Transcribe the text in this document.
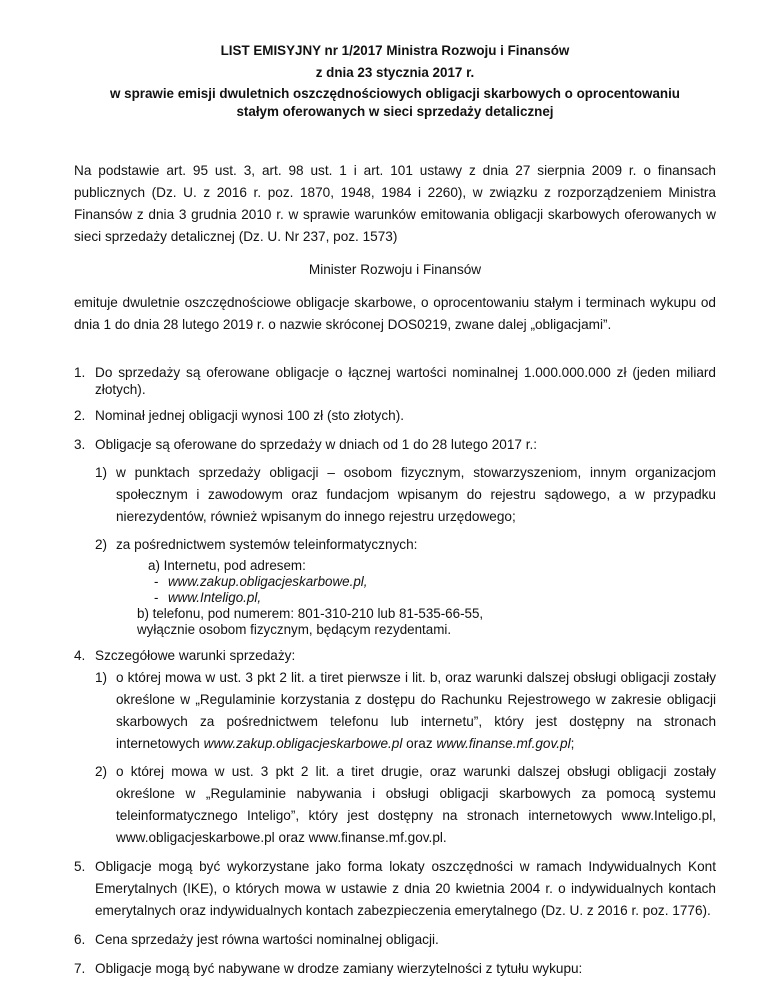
LIST EMISYJNY nr 1/2017 Ministra Rozwoju i Finansów
z dnia 23 stycznia 2017 r.
w sprawie emisji dwuletnich oszczędnościowych obligacji skarbowych o oprocentowaniu
stałym oferowanych w sieci sprzedaży detalicznej

Na podstawie art. 95 ust. 3, art. 98 ust. 1 i art. 101 ustawy z dnia 27 sierpnia 2009 r. o finansach publicznych (Dz. U. z 2016 r. poz. 1870, 1948, 1984 i 2260), w związku z rozporządzeniem Ministra Finansów z dnia 3 grudnia 2010 r. w sprawie warunków emitowania obligacji skarbowych oferowanych w sieci sprzedaży detalicznej (Dz. U. Nr 237, poz. 1573)

Minister Rozwoju i Finansów

emituje dwuletnie oszczędnościowe obligacje skarbowe, o oprocentowaniu stałym i terminach wykupu od dnia 1 do dnia 28 lutego 2019 r. o nazwie skróconej DOS0219, zwane dalej „obligacjami”.

1. Do sprzedaży są oferowane obligacje o łącznej wartości nominalnej 1.000.000.000 zł (jeden miliard złotych).
2. Nominał jednej obligacji wynosi 100 zł (sto złotych).
3. Obligacje są oferowane do sprzedaży w dniach od 1 do 28 lutego 2017 r.:
1) w punktach sprzedaży obligacji – osobom fizycznym, stowarzyszeniom, innym organizacjom społecznym i zawodowym oraz fundacjom wpisanym do rejestru sądowego, a w przypadku nierezydentów, również wpisanym do innego rejestru urzędowego;
2) za pośrednictwem systemów teleinformatycznych:
a) Internetu, pod adresem:
- www.zakup.obligacjeskarbowe.pl,
- www.Inteligo.pl,
b) telefonu, pod numerem: 801-310-210 lub 81-535-66-55,
wyłącznie osobom fizycznym, będącym rezydentami.
4. Szczegółowe warunki sprzedaży:
1) o której mowa w ust. 3 pkt 2 lit. a tiret pierwsze i lit. b, oraz warunki dalszej obsługi obligacji zostały określone w „Regulaminie korzystania z dostępu do Rachunku Rejestrowego w zakresie obligacji skarbowych za pośrednictwem telefonu lub internetu”, który jest dostępny na stronach internetowych www.zakup.obligacjeskarbowe.pl oraz www.finanse.mf.gov.pl;
2) o której mowa w ust. 3 pkt 2 lit. a tiret drugie, oraz warunki dalszej obsługi obligacji zostały określone w „Regulaminie nabywania i obsługi obligacji skarbowych za pomocą systemu teleinformatycznego Inteligo”, który jest dostępny na stronach internetowych www.Inteligo.pl, www.obligacjeskarbowe.pl oraz www.finanse.mf.gov.pl.
5. Obligacje mogą być wykorzystane jako forma lokaty oszczędności w ramach Indywidualnych Kont Emerytalnych (IKE), o których mowa w ustawie z dnia 20 kwietnia 2004 r. o indywidualnych kontach emerytalnych oraz indywidualnych kontach zabezpieczenia emerytalnego (Dz. U. z 2016 r. poz. 1776).
6. Cena sprzedaży jest równa wartości nominalnej obligacji.
7. Obligacje mogą być nabywane w drodze zamiany wierzytelności z tytułu wykupu:
